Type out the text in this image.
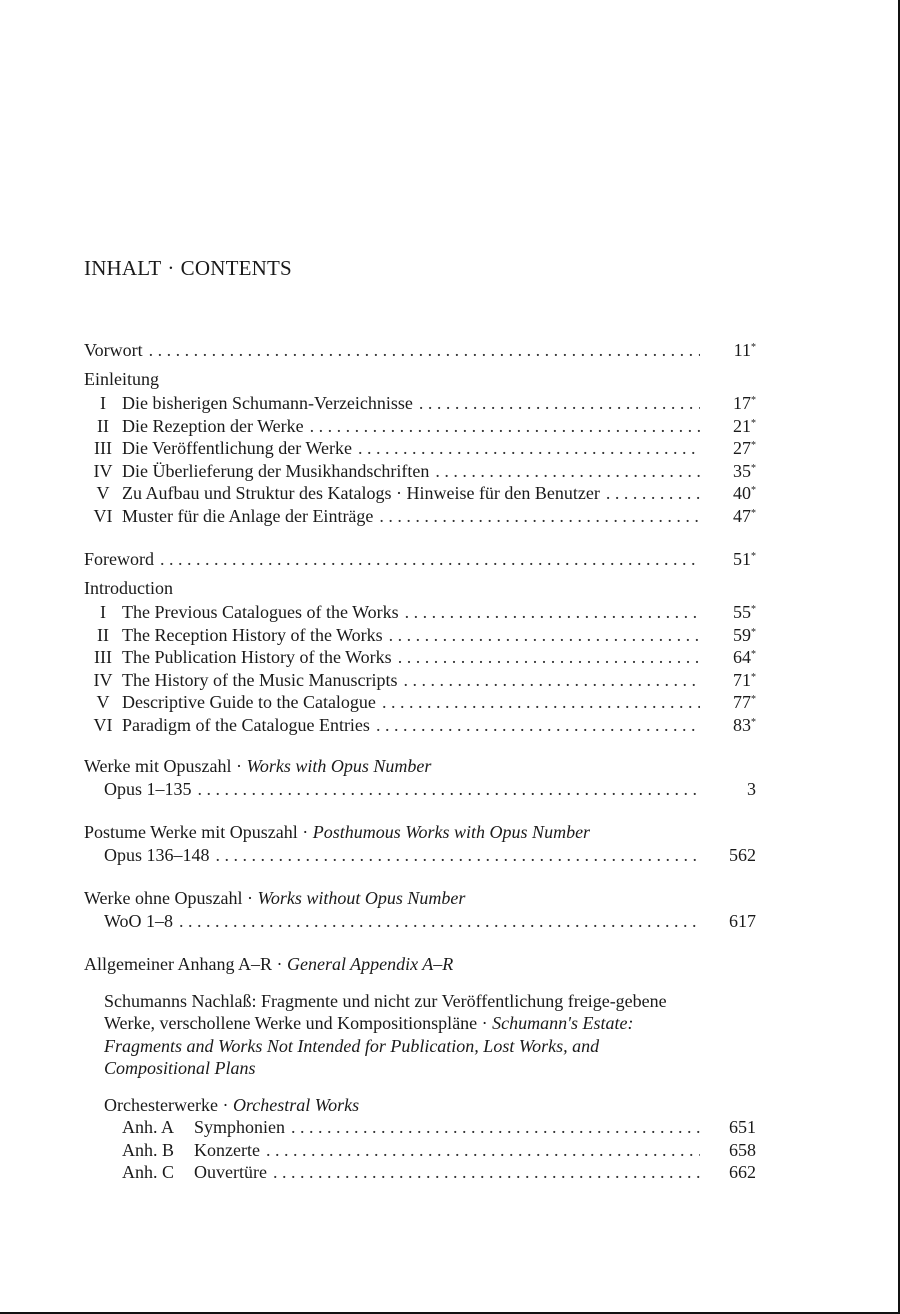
INHALT · CONTENTS
Vorwort . . .	11*
Einleitung
I Die bisherigen Schumann-Verzeichnisse . . .	17*
II Die Rezeption der Werke . . .	21*
III Die Veröffentlichung der Werke . . .	27*
IV Die Überlieferung der Musikhandschriften . . .	35*
V Zu Aufbau und Struktur des Katalogs · Hinweise für den Benutzer . . .	40*
VI Muster für die Anlage der Einträge . . .	47*
Foreword . . .	51*
Introduction
I The Previous Catalogues of the Works . . .	55*
II The Reception History of the Works . . .	59*
III The Publication History of the Works . . .	64*
IV The History of the Music Manuscripts . . .	71*
V Descriptive Guide to the Catalogue . . .	77*
VI Paradigm of the Catalogue Entries . . .	83*
Werke mit Opuszahl · Works with Opus Number
Opus 1–135 . . .	3
Postume Werke mit Opuszahl · Posthumous Works with Opus Number
Opus 136–148 . . .	562
Werke ohne Opuszahl · Works without Opus Number
WoO 1–8 . . .	617
Allgemeiner Anhang A–R · General Appendix A–R
Schumanns Nachlaß: Fragmente und nicht zur Veröffentlichung freige-gebene Werke, verschollene Werke und Kompositionspläne · Schumann's Estate: Fragments and Works Not Intended for Publication, Lost Works, and Compositional Plans
Orchesterwerke · Orchestral Works
Anh. A	Symphonien . . .	651
Anh. B	Konzerte . . .	658
Anh. C	Ouvertüre . . .	662
